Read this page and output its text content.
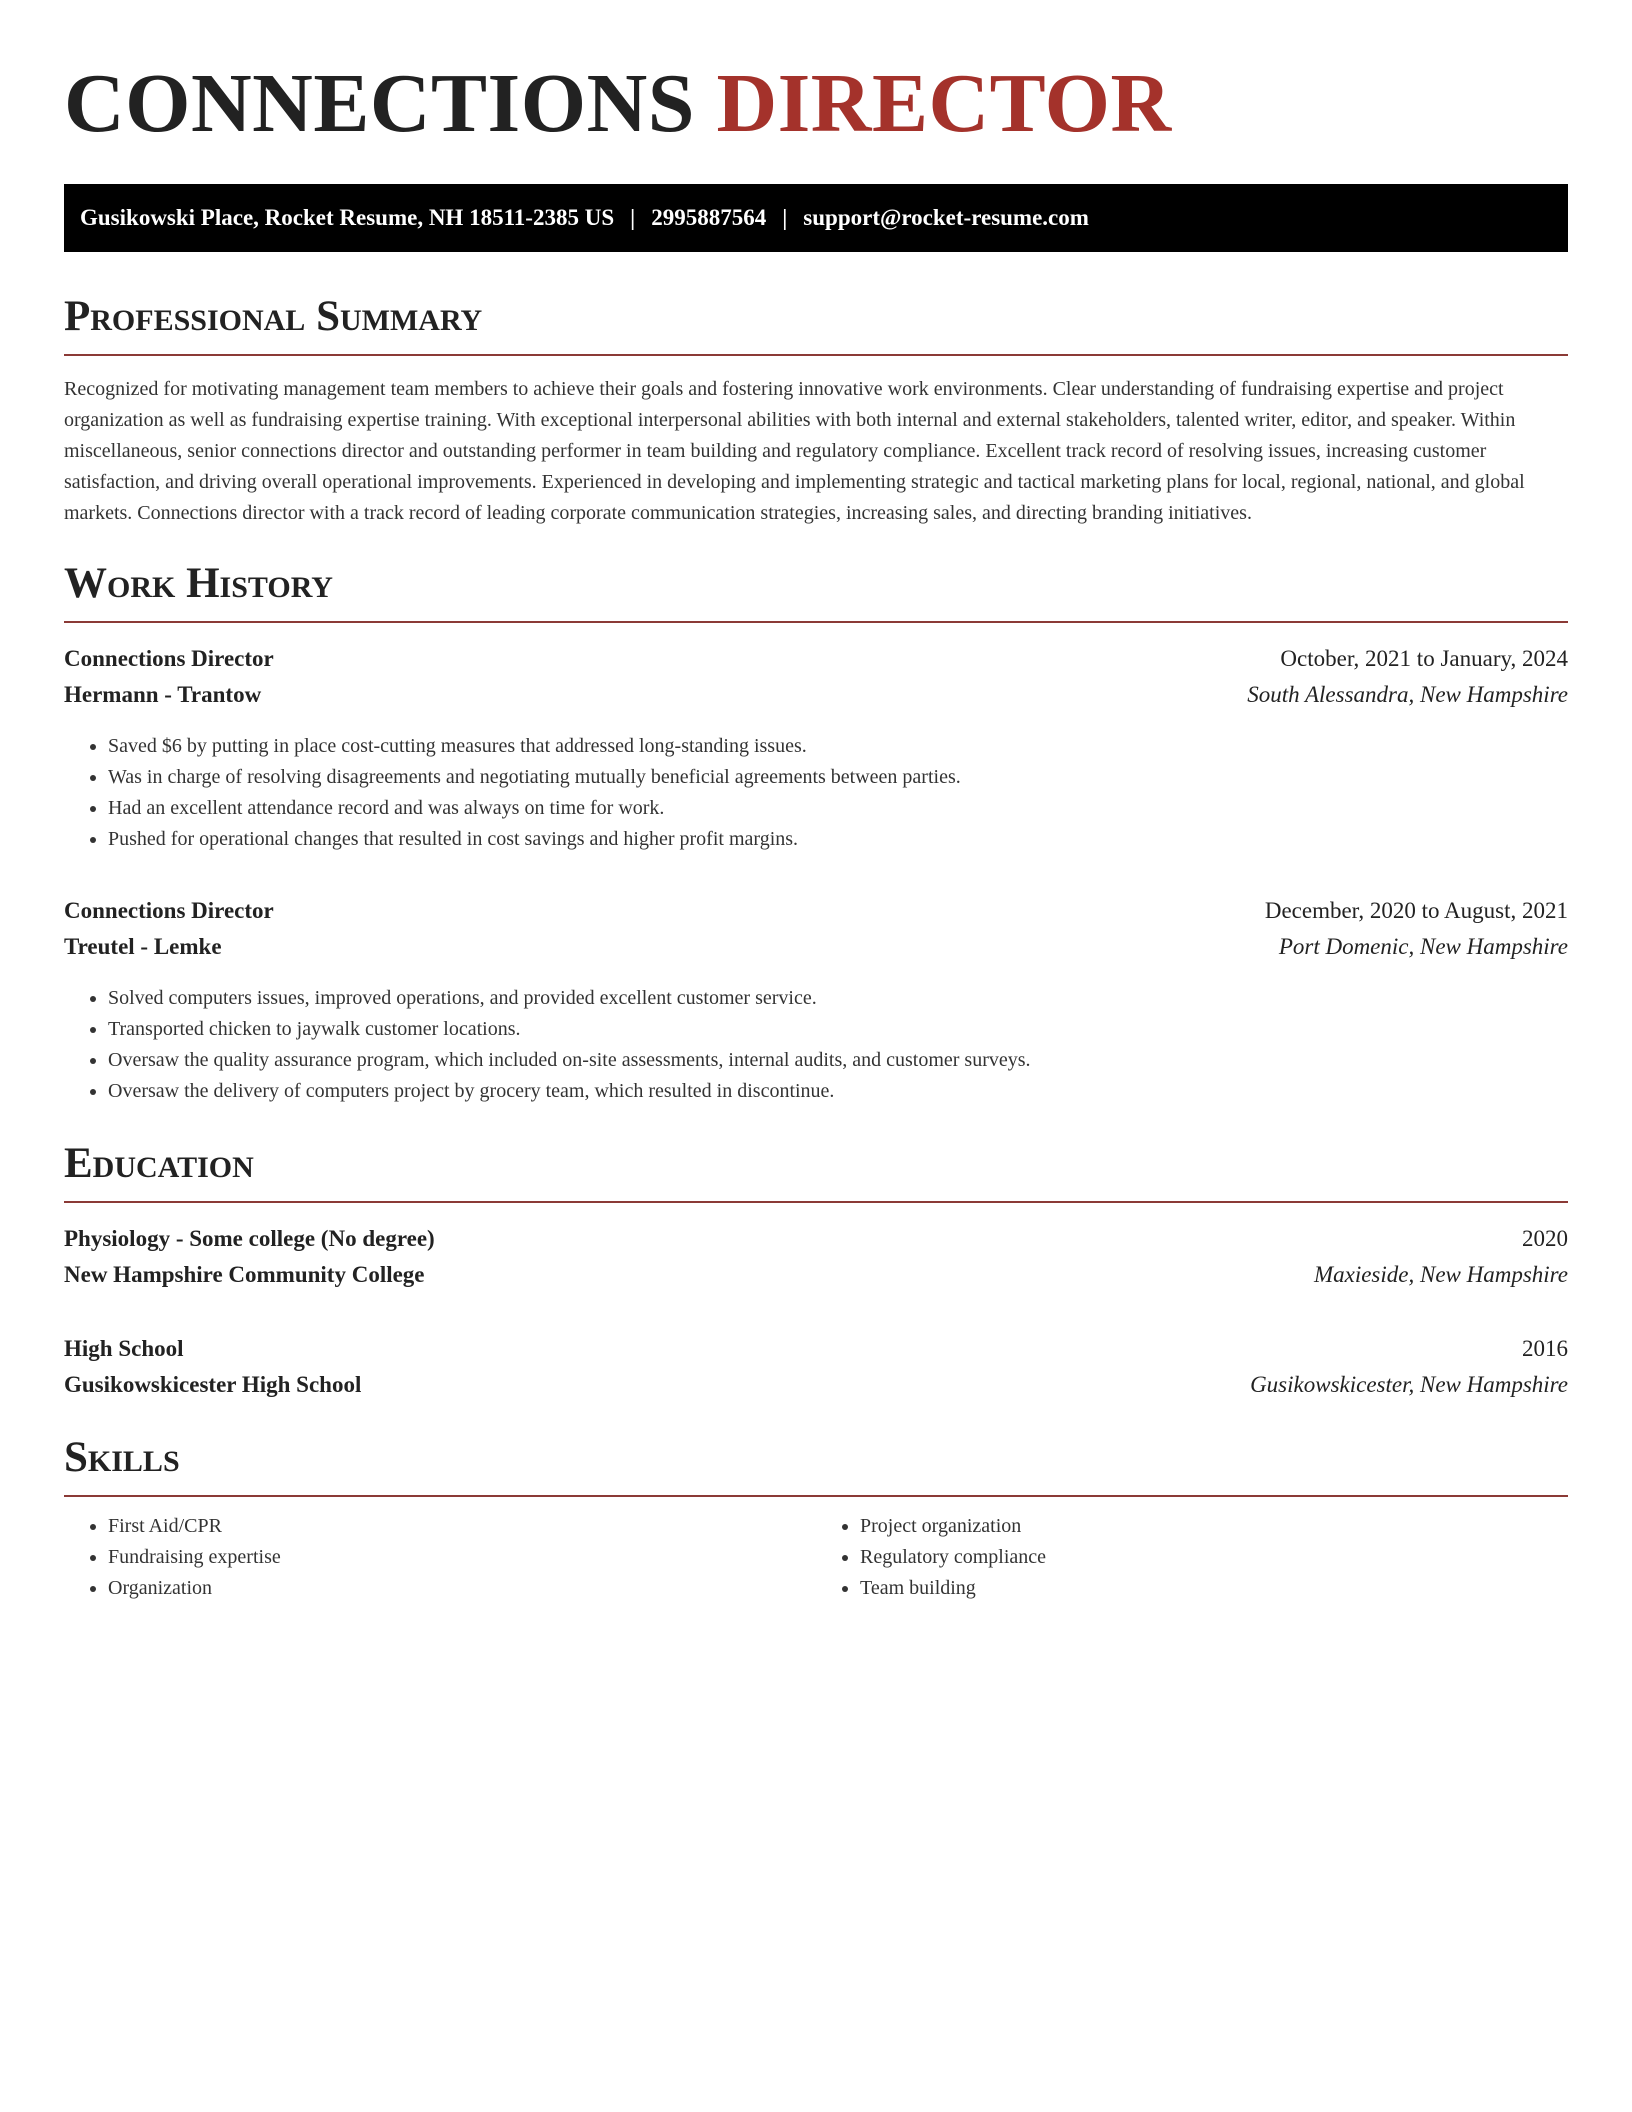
CONNECTIONS DIRECTOR
Gusikowski Place, Rocket Resume, NH 18511-2385 US | 2995887564 | support@rocket-resume.com
Professional Summary

Recognized for motivating management team members to achieve their goals and fostering innovative work environments. Clear understanding of fundraising expertise and project organization as well as fundraising expertise training. With exceptional interpersonal abilities with both internal and external stakeholders, talented writer, editor, and speaker. Within miscellaneous, senior connections director and outstanding performer in team building and regulatory compliance. Excellent track record of resolving issues, increasing customer satisfaction, and driving overall operational improvements. Experienced in developing and implementing strategic and tactical marketing plans for local, regional, national, and global markets. Connections director with a track record of leading corporate communication strategies, increasing sales, and directing branding initiatives.

Work History
Connections Director	October, 2021 to January, 2024
Hermann - Trantow	South Alessandra, New Hampshire
• Saved $6 by putting in place cost-cutting measures that addressed long-standing issues.
• Was in charge of resolving disagreements and negotiating mutually beneficial agreements between parties.
• Had an excellent attendance record and was always on time for work.
• Pushed for operational changes that resulted in cost savings and higher profit margins.
Connections Director	December, 2020 to August, 2021
Treutel - Lemke	Port Domenic, New Hampshire
• Solved computers issues, improved operations, and provided excellent customer service.
• Transported chicken to jaywalk customer locations.
• Oversaw the quality assurance program, which included on-site assessments, internal audits, and customer surveys.
• Oversaw the delivery of computers project by grocery team, which resulted in discontinue.
Education
Physiology - Some college (No degree)	2020
New Hampshire Community College	Maxieside, New Hampshire
High School	2016
Gusikowskicester High School	Gusikowskicester, New Hampshire
Skills
• First Aid/CPR
• Fundraising expertise
• Organization
• Project organization
• Regulatory compliance
• Team building
